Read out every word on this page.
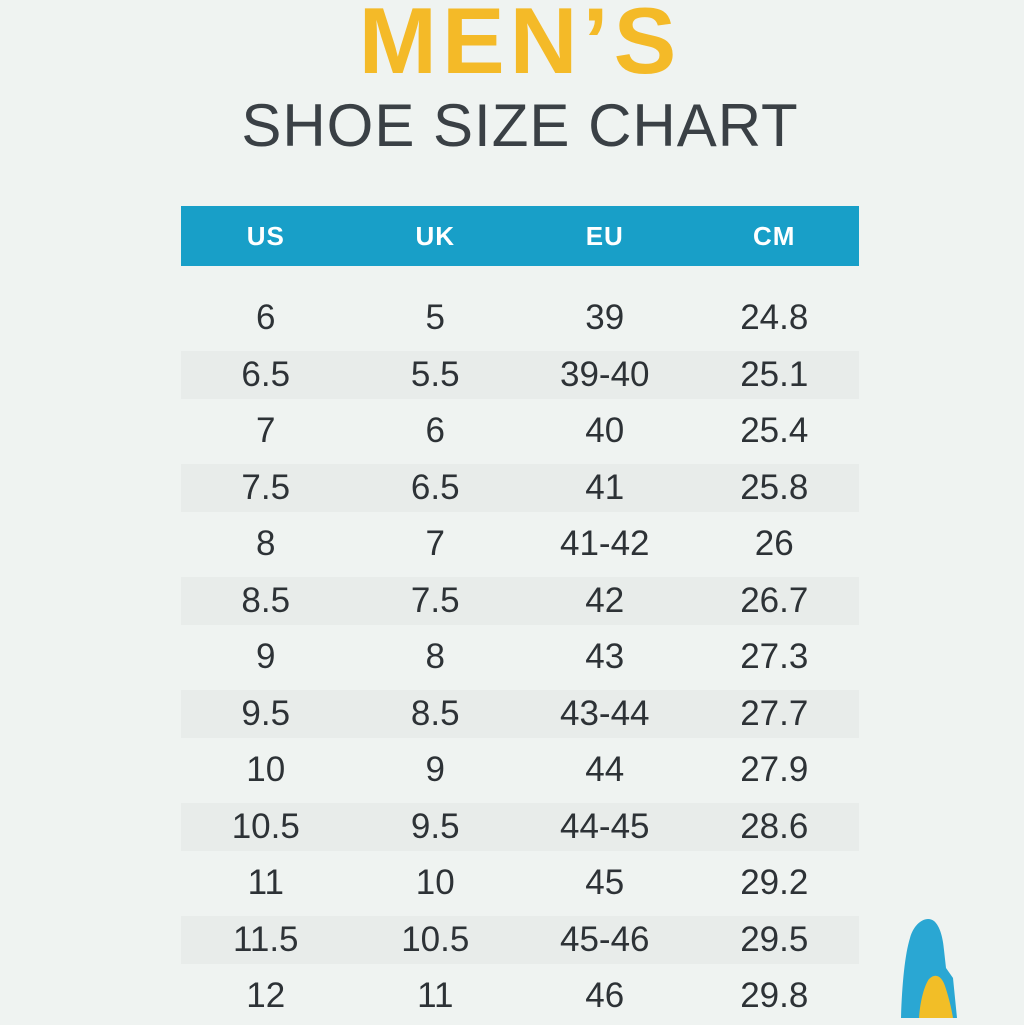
MEN’S
SHOE SIZE CHART
US	UK	EU	CM
6	5	39	24.8
6.5	5.5	39-40	25.1
7	6	40	25.4
7.5	6.5	41	25.8
8	7	41-42	26
8.5	7.5	42	26.7
9	8	43	27.3
9.5	8.5	43-44	27.7
10	9	44	27.9
10.5	9.5	44-45	28.6
11	10	45	29.2
11.5	10.5	45-46	29.5
12	11	46	29.8
